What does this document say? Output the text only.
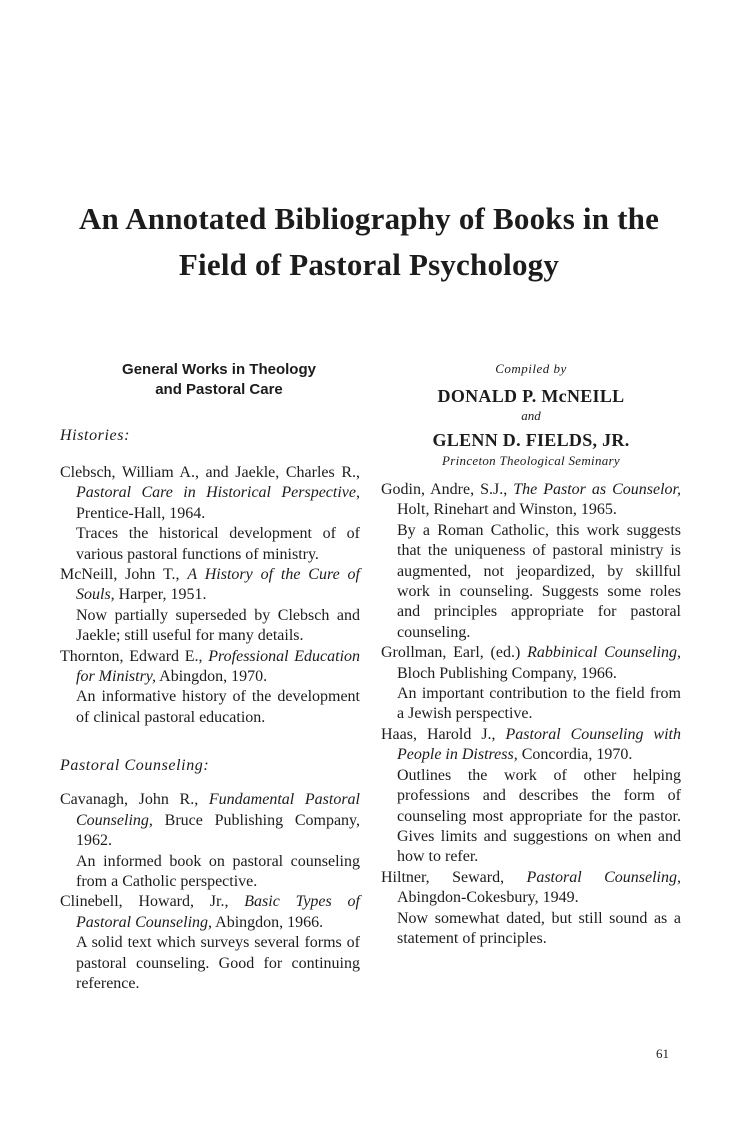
An Annotated Bibliography of Books in the
Field of Pastoral Psychology

General Works in Theology
and Pastoral Care

Histories:

Clebsch, William A., and Jaekle, Charles R., Pastoral Care in Historical Perspective, Prentice-Hall, 1964.

Traces the historical development of of various pastoral functions of ministry.

McNeill, John T., A History of the Cure of Souls, Harper, 1951.

Now partially superseded by Clebsch and Jaekle; still useful for many details.

Thornton, Edward E., Professional Education for Ministry, Abingdon, 1970.

An informative history of the development of clinical pastoral education.

Pastoral Counseling:

Cavanagh, John R., Fundamental Pastoral Counseling, Bruce Publishing Company, 1962.

An informed book on pastoral counseling from a Catholic perspective.

Clinebell, Howard, Jr., Basic Types of Pastoral Counseling, Abingdon, 1966.

A solid text which surveys several forms of pastoral counseling. Good for continuing reference.

Compiled by

DONALD P. McNEILL

and

GLENN D. FIELDS, JR.

Princeton Theological Seminary

Godin, Andre, S.J., The Pastor as Counselor, Holt, Rinehart and Winston, 1965.

By a Roman Catholic, this work suggests that the uniqueness of pastoral ministry is augmented, not jeopardized, by skillful work in counseling. Suggests some roles and principles appropriate for pastoral counseling.

Grollman, Earl, (ed.) Rabbinical Counseling, Bloch Publishing Company, 1966.

An important contribution to the field from a Jewish perspective.

Haas, Harold J., Pastoral Counseling with People in Distress, Concordia, 1970.

Outlines the work of other helping professions and describes the form of counseling most appropriate for the pastor. Gives limits and suggestions on when and how to refer.

Hiltner, Seward, Pastoral Counseling, Abingdon-Cokesbury, 1949.

Now somewhat dated, but still sound as a statement of principles.

61
